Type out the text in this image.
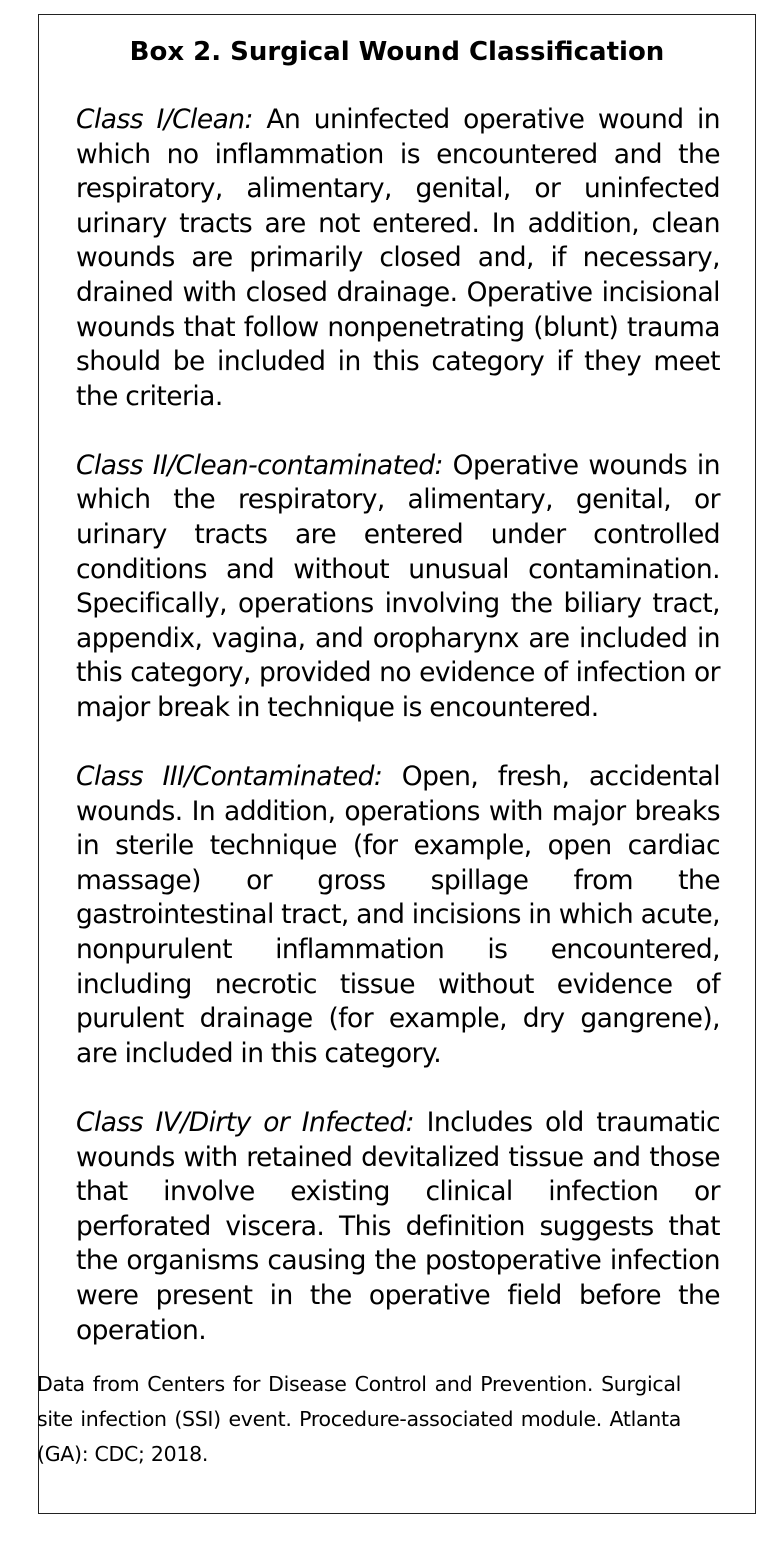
Box 2. Surgical Wound Classification

Class I/Clean: An uninfected operative wound in which no inflammation is encountered and the respiratory, alimentary, genital, or uninfected urinary tracts are not entered. In addition, clean wounds are primarily closed and, if necessary, drained with closed drainage. Operative incisional wounds that follow nonpenetrating (blunt) trauma should be included in this category if they meet the criteria.

Class II/Clean-contaminated: Operative wounds in which the respiratory, alimentary, genital, or urinary tracts are entered under controlled conditions and without unusual contamination. Specifically, operations involving the biliary tract, appendix, vagina, and oropharynx are included in this category, provided no evidence of infection or major break in technique is encountered.

Class III/Contaminated: Open, fresh, accidental wounds. In addition, operations with major breaks in sterile technique (for example, open cardiac massage) or gross spillage from the gastrointestinal tract, and incisions in which acute, nonpurulent inflammation is encountered, including necrotic tissue without evidence of purulent drainage (for example, dry gangrene), are included in this category.

Class IV/Dirty or Infected: Includes old traumatic wounds with retained devitalized tissue and those that involve existing clinical infection or perforated viscera. This definition suggests that the organisms causing the postoperative infection were present in the operative field before the operation.

Data from Centers for Disease Control and Prevention. Surgical site infection (SSI) event. Procedure-associated module. Atlanta (GA): CDC; 2018.
